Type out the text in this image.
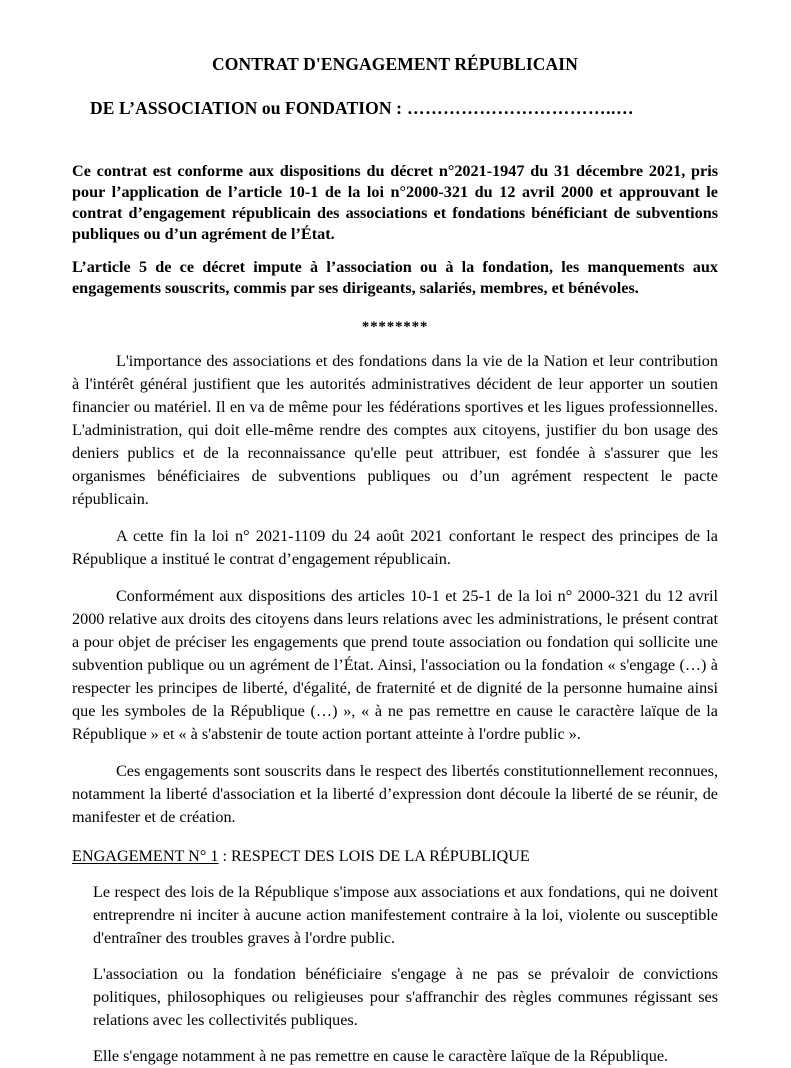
CONTRAT D'ENGAGEMENT RÉPUBLICAIN
DE L’ASSOCIATION ou FONDATION : ……………………………..…

Ce contrat est conforme aux dispositions du décret n°2021-1947 du 31 décembre 2021, pris pour l’application de l’article 10-1 de la loi n°2000-321 du 12 avril 2000 et approuvant le contrat d’engagement républicain des associations et fondations bénéficiant de subventions publiques ou d’un agrément de l’État.

L’article 5 de ce décret impute à l’association ou à la fondation, les manquements aux engagements souscrits, commis par ses dirigeants, salariés, membres, et bénévoles.

********

L'importance des associations et des fondations dans la vie de la Nation et leur contribution à l'intérêt général justifient que les autorités administratives décident de leur apporter un soutien financier ou matériel. Il en va de même pour les fédérations sportives et les ligues professionnelles. L'administration, qui doit elle-même rendre des comptes aux citoyens, justifier du bon usage des deniers publics et de la reconnaissance qu'elle peut attribuer, est fondée à s'assurer que les organismes bénéficiaires de subventions publiques ou d’un agrément respectent le pacte républicain.

A cette fin la loi n° 2021-1109 du 24 août 2021 confortant le respect des principes de la République a institué le contrat d’engagement républicain.

Conformément aux dispositions des articles 10-1 et 25-1 de la loi n° 2000-321 du 12 avril 2000 relative aux droits des citoyens dans leurs relations avec les administrations, le présent contrat a pour objet de préciser les engagements que prend toute association ou fondation qui sollicite une subvention publique ou un agrément de l’État. Ainsi, l'association ou la fondation « s'engage (…) à respecter les principes de liberté, d'égalité, de fraternité et de dignité de la personne humaine ainsi que les symboles de la République (…) », « à ne pas remettre en cause le caractère laïque de la République » et « à s'abstenir de toute action portant atteinte à l'ordre public ».

Ces engagements sont souscrits dans le respect des libertés constitutionnellement reconnues, notamment la liberté d'association et la liberté d’expression dont découle la liberté de se réunir, de manifester et de création.

ENGAGEMENT N° 1 : RESPECT DES LOIS DE LA RÉPUBLIQUE

Le respect des lois de la République s'impose aux associations et aux fondations, qui ne doivent entreprendre ni inciter à aucune action manifestement contraire à la loi, violente ou susceptible d'entraîner des troubles graves à l'ordre public.

L'association ou la fondation bénéficiaire s'engage à ne pas se prévaloir de convictions politiques, philosophiques ou religieuses pour s'affranchir des règles communes régissant ses relations avec les collectivités publiques.

Elle s'engage notamment à ne pas remettre en cause le caractère laïque de la République.
